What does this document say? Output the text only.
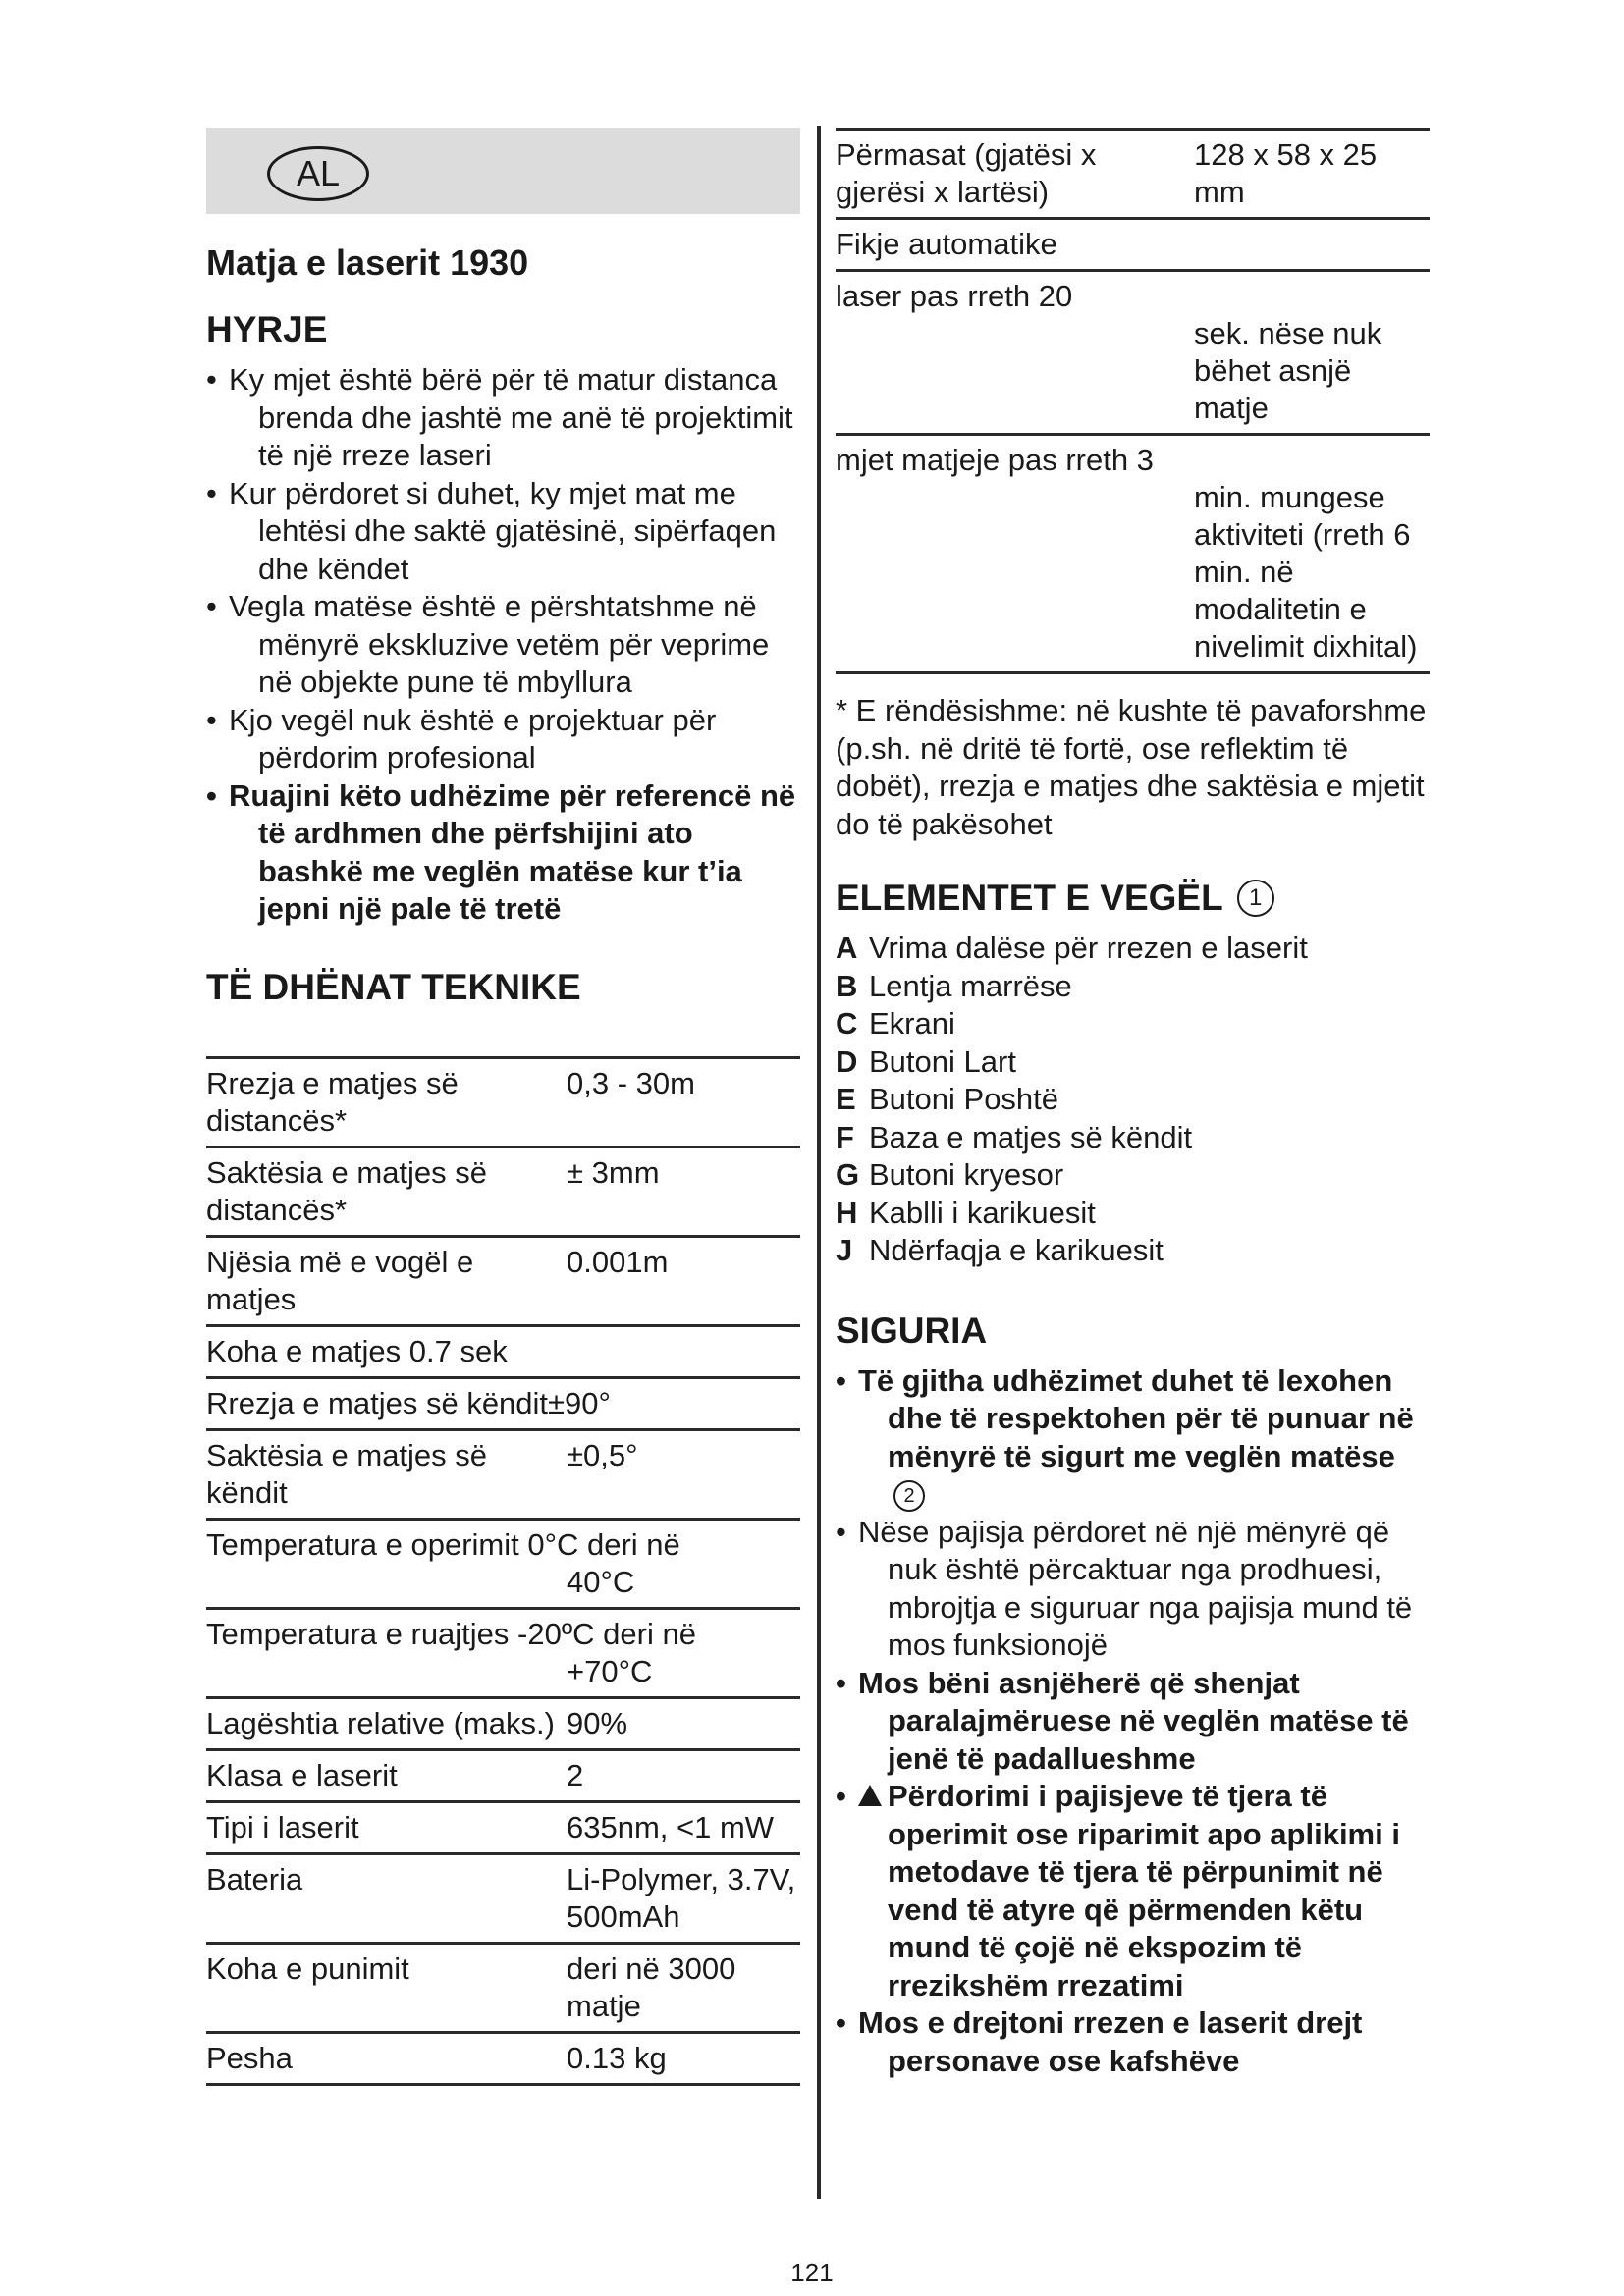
AL
Matja e laserit 1930
HYRJE
• Ky mjet është bërë për të matur distanca brenda dhe jashtë me anë të projektimit të një rreze laseri
• Kur përdoret si duhet, ky mjet mat me lehtësi dhe saktë gjatësinë, sipërfaqen dhe këndet
• Vegla matëse është e përshtatshme në mënyrë ekskluzive vetëm për veprime në objekte pune të mbyllura
• Kjo vegël nuk është e projektuar për përdorim profesional
• Ruajini këto udhëzime për referencë në të ardhmen dhe përfshijini ato bashkë me veglën matëse kur t’ia jepni një pale të tretë
TË DHËNAT TEKNIKE
Rrezja e matjes së distancës*	0,3 - 30m
Saktësia e matjes së distancës*	± 3mm
Njësia më e vogël e matjes	0.001m
Koha e matjes 0.7 sek	
Rrezja e matjes së këndit±90°	
Saktësia e matjes së këndit	±0,5°
Temperatura e operimit 0°C deri në
40°C	

Temperatura e ruajtjes -20ºC deri në
+70°C	

Lagështia relative (maks.)	90%
Klasa e laserit	2
Tipi i laserit	635nm, <1 mW
Bateria	Li-Polymer, 3.7V, 500mAh
Koha e punimit	deri në 3000 matje
Pesha	0.13 kg
Përmasat (gjatësi x gjerësi x lartësi)	128 x 58 x 25 mm
Fikje automatike	
laser pas rreth 20	sek. nëse nuk bëhet asnjë matje
mjet matjeje pas rreth 3	min. mungese aktiviteti (rreth 6 min. në modalitetin e nivelimit dixhital)
* E rëndësishme: në kushte të pavaforshme (p.sh. në dritë të fortë, ose reflektim të dobët), rrezja e matjes dhe saktësia e mjetit do të pakësohet
ELEMENTET E VEGËL	1
A Vrima dalëse për rrezen e laserit
B Lentja marrëse
C Ekrani
D Butoni Lart
E Butoni Poshtë
F Baza e matjes së këndit
G Butoni kryesor
H Kablli i karikuesit
J Ndërfaqja e karikuesit
SIGURIA
• Të gjitha udhëzimet duhet të lexohen dhe të respektohen për të punuar në mënyrë të sigurt me veglën matëse2
• Nëse pajisja përdoret në një mënyrë që nuk është përcaktuar nga prodhuesi, mbrojtja e siguruar nga pajisja mund të mos funksionojë
• Mos bëni asnjëherë që shenjat paralajmëruese në veglën matëse të jenë të padallueshme
• Përdorimi i pajisjeve të tjera të operimit ose riparimit apo aplikimi i metodave të tjera të përpunimit në vend të atyre që përmenden këtu mund të çojë në ekspozim të rrezikshëm rrezatimi
• Mos e drejtoni rrezen e laserit drejt personave ose kafshëve
121
